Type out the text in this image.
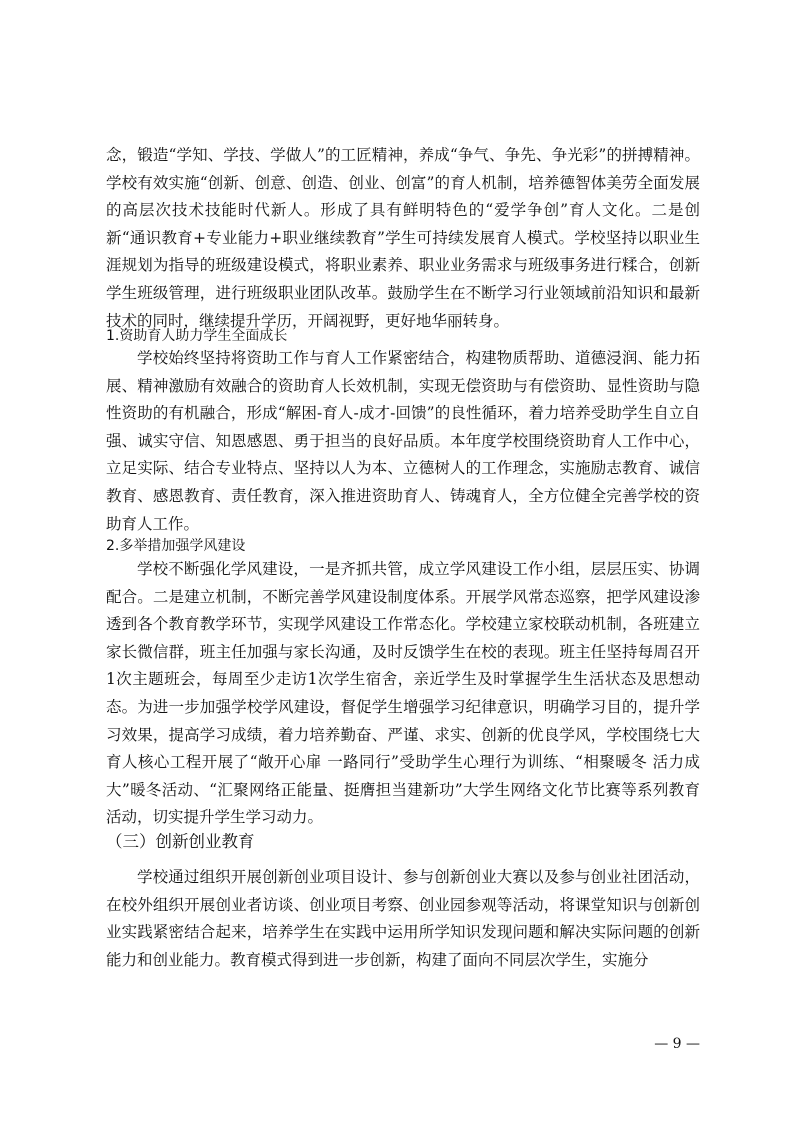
念，锻造“学知、学技、学做人”的工匠精神，养成“争气、争先、争光彩”的拼搏精神。学校有效实施“创新、创意、创造、创业、创富”的育人机制，培养德智体美劳全面发展的高层次技术技能时代新人。形成了具有鲜明特色的“爱学争创”育人文化。二是创新“通识教育+专业能力+职业继续教育”学生可持续发展育人模式。学校坚持以职业生涯规划为指导的班级建设模式，将职业素养、职业业务需求与班级事务进行糅合，创新学生班级管理，进行班级职业团队改革。鼓励学生在不断学习行业领域前沿知识和最新技术的同时，继续提升学历，开阔视野，更好地华丽转身。

1.资助育人助力学生全面成长

学校始终坚持将资助工作与育人工作紧密结合，构建物质帮助、道德浸润、能力拓展、精神激励有效融合的资助育人长效机制，实现无偿资助与有偿资助、显性资助与隐性资助的有机融合，形成“解困-育人-成才-回馈”的良性循环，着力培养受助学生自立自强、诚实守信、知恩感恩、勇于担当的良好品质。本年度学校围绕资助育人工作中心，立足实际、结合专业特点、坚持以人为本、立德树人的工作理念，实施励志教育、诚信教育、感恩教育、责任教育，深入推进资助育人、铸魂育人，全方位健全完善学校的资助育人工作。

2.多举措加强学风建设

学校不断强化学风建设，一是齐抓共管，成立学风建设工作小组，层层压实、协调配合。二是建立机制，不断完善学风建设制度体系。开展学风常态巡察，把学风建设渗透到各个教育教学环节，实现学风建设工作常态化。学校建立家校联动机制，各班建立家长微信群，班主任加强与家长沟通，及时反馈学生在校的表现。班主任坚持每周召开1次主题班会，每周至少走访1次学生宿舍，亲近学生及时掌握学生生活状态及思想动态。为进一步加强学校学风建设，督促学生增强学习纪律意识，明确学习目的，提升学习效果，提高学习成绩，着力培养勤奋、严谨、求实、创新的优良学风，学校围绕七大育人核心工程开展了“敞开心扉 一路同行”受助学生心理行为训练、“相聚暖冬 活力成大”暖冬活动、“汇聚网络正能量、挺膺担当建新功”大学生网络文化节比赛等系列教育活动，切实提升学生学习动力。

（三）创新创业教育

学校通过组织开展创新创业项目设计、参与创新创业大赛以及参与创业社团活动，在校外组织开展创业者访谈、创业项目考察、创业园参观等活动，将课堂知识与创新创业实践紧密结合起来，培养学生在实践中运用所学知识发现问题和解决实际问题的创新能力和创业能力。教育模式得到进一步创新，构建了面向不同层次学生，实施分

— 9 —
